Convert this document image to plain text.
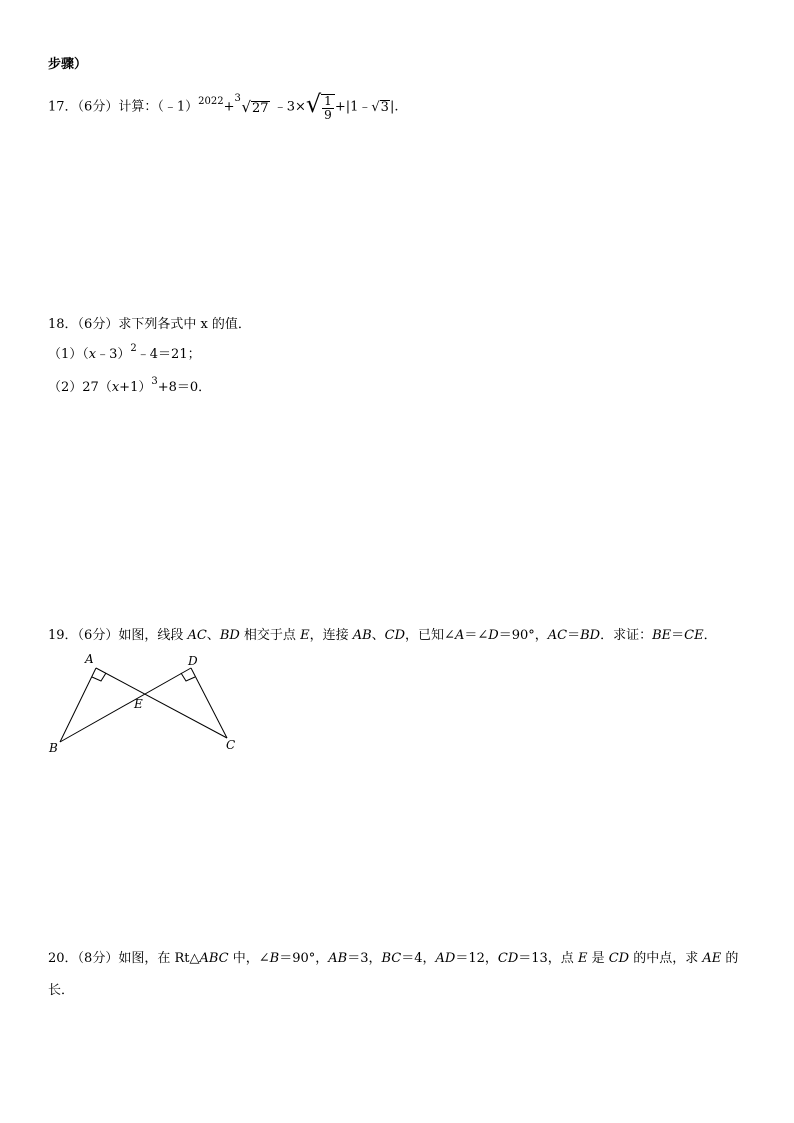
步骤）
17．（6分）计算：（﹣1）$^{2022}$+
3 √27 ﹣3×√ $\frac{1}{9}$ +|1﹣√3|.
18．（6分）求下列各式中 x 的值．
（1）（x﹣3）$^2$﹣4＝21；
$(2)27(x+1)^3+8=0$．
19．（6分）如图，线段 AC、BD 相交于点 E，连接 AB、CD，已知∠A＝∠D＝90°，AC＝BD．求证：BE＝CE．
A	D
E
B	C
20．（8分）如图，在 Rt△ABC 中，∠B＝90°，AB＝3，BC＝4，AD＝12，CD＝13，点 E 是 CD 的中点，求 AE 的
长．
